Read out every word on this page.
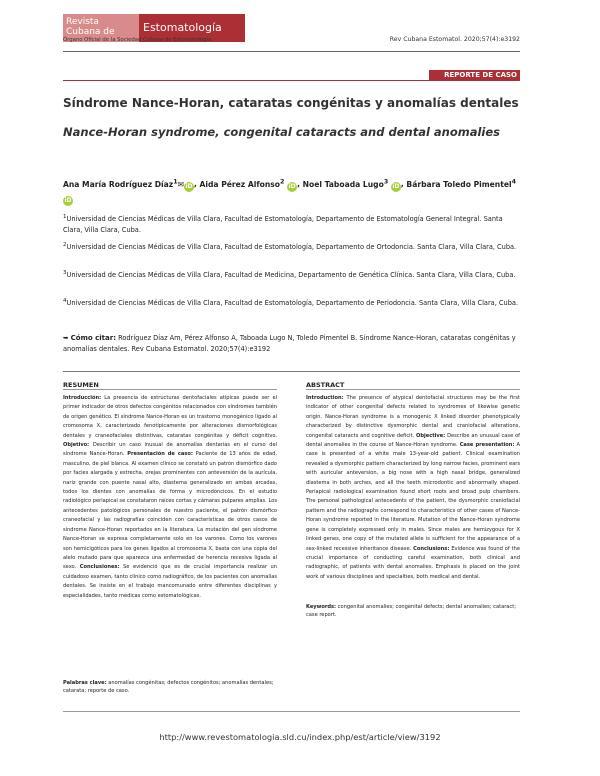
Revista
Cubana de	Estomatología
Órgano Oficial de la Sociedad Cubana de Estomatología	Rev Cubana Estomatol. 2020;57(4):e3192
REPORTE DE CASO
Síndrome Nance-Horan, cataratas congénitas y anomalías dentales
Nance-Horan syndrome, congenital cataracts and dental anomalies
Ana María Rodríguez Díaz$^1$✉iD, Aida Pérez Alfonso$^2$ iD, Noel Taboada Lugo$^3$ iD, Bárbara Toledo Pimentel$^4$ iD
$^1$Universidad de Ciencias Médicas de Villa Clara, Facultad de Estomatología, Departamento de Estomatología General Integral. Santa Clara, Villa Clara, Cuba.
$^2$Universidad de Ciencias Médicas de Villa Clara, Facultad de Estomatología, Departamento de Ortodoncia. Santa Clara, Villa Clara, Cuba.
$^3$Universidad de Ciencias Médicas de Villa Clara, Facultad de Medicina, Departamento de Genética Clínica. Santa Clara, Villa Clara, Cuba.
$^4$Universidad de Ciencias Médicas de Villa Clara, Facultad de Estomatología, Departamento de Periodoncia. Santa Clara, Villa Clara, Cuba.
➥ Cómo citar: Rodríguez Díaz Am, Pérez Alfonso A, Taboada Lugo N, Toledo Pimentel B. Síndrome Nance-Horan, cataratas congénitas y anomalías dentales. Rev Cubana Estomatol. 2020;57(4):e3192
RESUMEN
Introducción: La presencia de estructuras dentofaciales atípicas puede ser el primer indicador de otros defectos congénitos relacionados con síndromes también de origen genético. El síndrome Nance-Horan es un trastorno monogénico ligado al cromosoma X, caracterizado fenotípicamente por alteraciones dismorfológicas dentales y craneofaciales distintivas, cataratas congénitas y déficit cognitivo. Objetivo: Describir un caso inusual de anomalías dentarias en el curso del síndrome Nance-Horan. Presentación de caso: Paciente de 13 años de edad, masculino, de piel blanca. Al examen clínico se constató un patrón dismórfico dado por facies alargada y estrecha, orejas prominentes con anteversión de la aurícula, nariz grande con puente nasal alto, diastema generalizado en ambas arcadas, todos los dientes con anomalías de forma y microdóncicos. En el estudio radiológico periapical se constataron raíces cortas y cámaras pulpares amplias. Los antecedentes patológicos personales de nuestro paciente, el patrón dismórfico craneofacial y las radiografías coinciden con características de otros casos de síndrome Nance-Horan reportados en la literatura. La mutación del gen síndrome Nance-Horan se expresa completamente solo en los varones. Como los varones son hemicigóticos para los genes ligados al cromosoma X, basta con una copia del alelo mutado para que aparezca una enfermedad de herencia recesiva ligada al sexo. Conclusiones: Se evidenció que es de crucial importancia realizar un cuidadoso examen, tanto clínico como radiográfico, de los pacientes con anomalías dentales. Se insiste en el trabajo mancomunado entre diferentes disciplinas y especialidades, tanto médicas como estomatológicas.
Palabras clave: anomalías congénitas; defectos congénitos; anomalías dentales; catarata; reporte de caso.
ABSTRACT
Introduction: The presence of atypical dentofacial structures may be the first indicator of other congenital defects related to syndromes of likewise genetic origin. Nance-Horan syndrome is a monogenic X linked disorder phenotypically characterized by distinctive dysmorphic dental and craniofacial alterations, congenital cataracts and cognitive deficit. Objective: Describe an unusual case of dental anomalies in the course of Nance-Horan syndrome. Case presentation: A case is presented of a white male 13-year-old patient. Clinical examination revealed a dysmorphic pattern characterized by long narrow facies, prominent ears with auricular anteversion, a big nose with a high nasal bridge, generalized diastema in both arches, and all the teeth microdontic and abnormally shaped. Periapical radiological examination found short roots and broad pulp chambers. The personal pathological antecedents of the patient, the dysmorphic craniofacial pattern and the radiographs correspond to characteristics of other cases of Nance-Horan syndrome reported in the literature. Mutation of the Nance-Horan syndrome gene is completely expressed only in males. Since males are hemizygous for X linked genes, one copy of the mutated allele is sufficient for the appearance of a sex-linked recessive inheritance disease. Conclusions: Evidence was found of the crucial importance of conducting careful examination, both clinical and radiographic, of patients with dental anomalies. Emphasis is placed on the joint work of various disciplines and specialties, both medical and dental.
Keywords: congenital anomalies; congenital defects; dental anomalies; cataract; case report.
http://www.revestomatologia.sld.cu/index.php/est/article/view/3192
